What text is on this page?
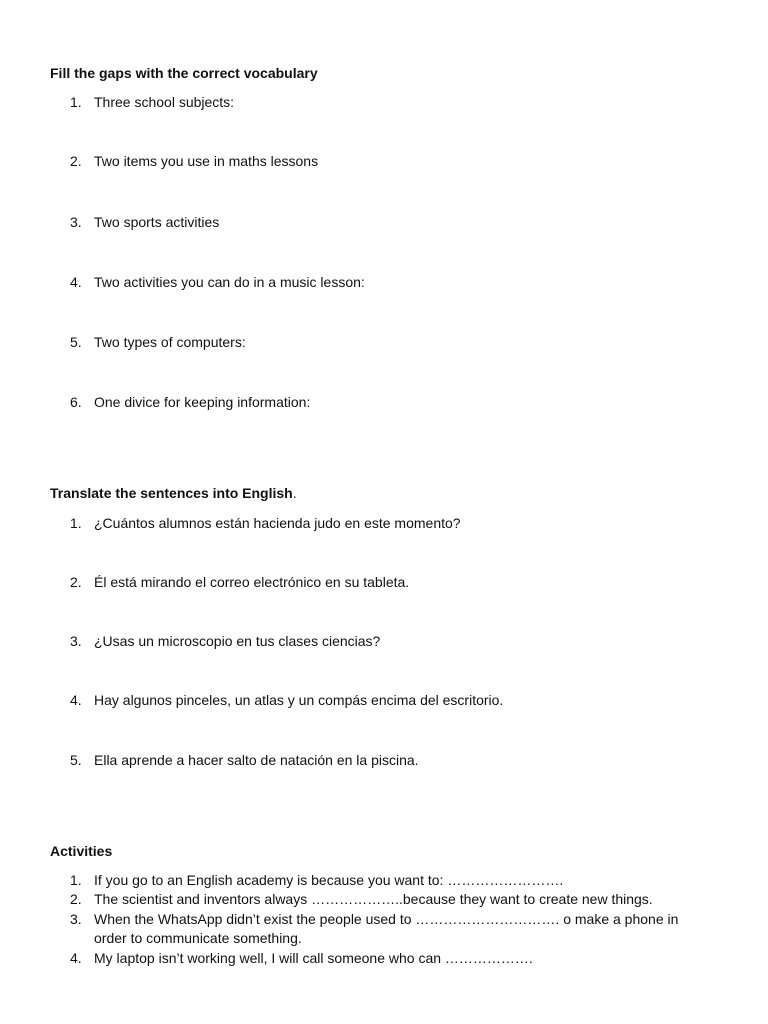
Fill the gaps with the correct vocabulary
1. Three school subjects:
2. Two items you use in maths lessons
3. Two sports activities
4. Two activities you can do in a music lesson:
5. Two types of computers:
6. One divice for keeping information:
Translate the sentences into English.
1. ¿Cuántos alumnos están hacienda judo en este momento?
2. Él está mirando el correo electrónico en su tableta.
3. ¿Usas un microscopio en tus clases ciencias?
4. Hay algunos pinceles, un atlas y un compás encima del escritorio.
5. Ella aprende a hacer salto de natación en la piscina.
Activities
1. If you go to an English academy is because you want to: …………………….
2. The scientist and inventors always ………………..because they want to create new things.
3. When the WhatsApp didn’t exist the people used to …………………………. o make a phone in order to communicate something.
4. My laptop isn’t working well, I will call someone who can ……………….
